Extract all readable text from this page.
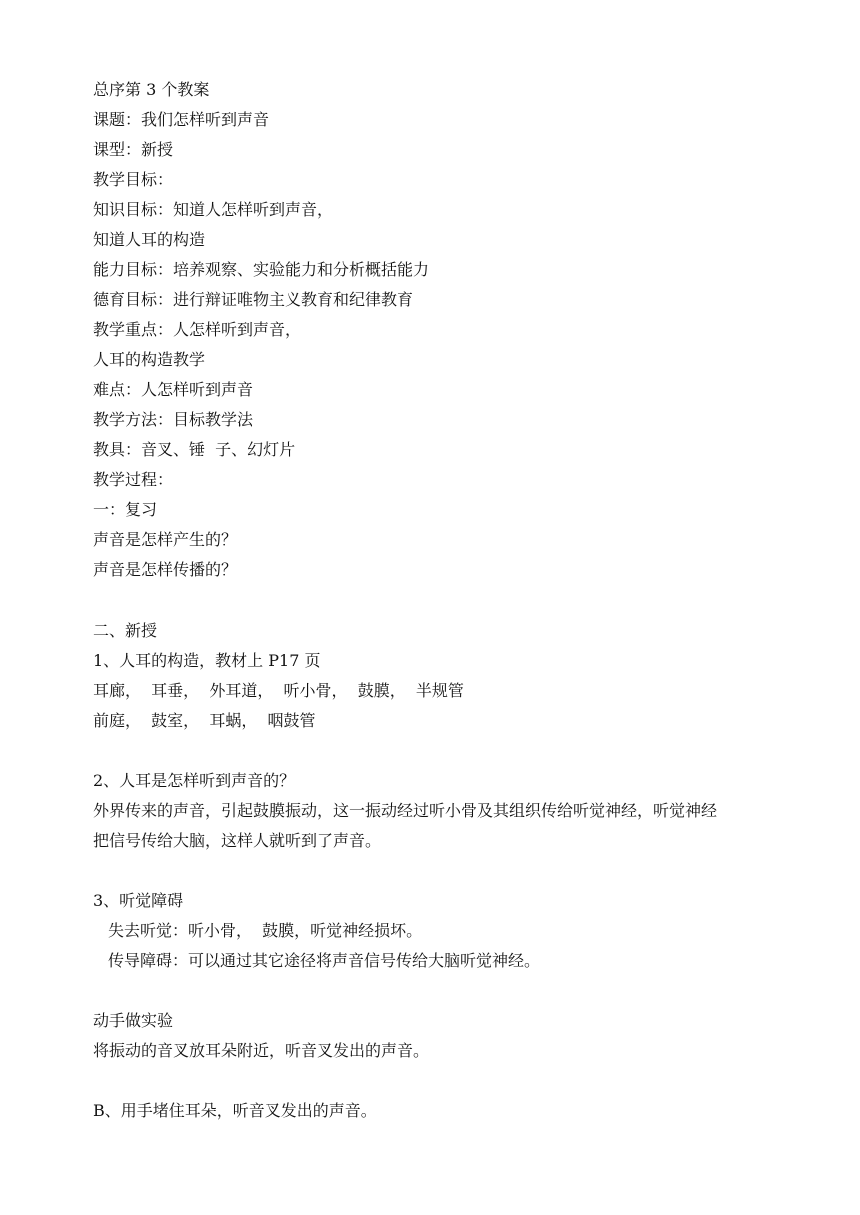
总序第 3 个教案
课题：我们怎样听到声音
课型：新授
教学目标：
知识目标：知道人怎样听到声音，
知道人耳的构造
能力目标：培养观察、实验能力和分析概括能力
德育目标：进行辩证唯物主义教育和纪律教育
教学重点：人怎样听到声音，
人耳的构造教学
难点：人怎样听到声音
教学方法：目标教学法
教具：音叉、锤  子、幻灯片
教学过程：
一：复习
声音是怎样产生的？
声音是怎样传播的？
二、新授
1、人耳的构造，教材上 P17 页
耳廊，  耳垂，  外耳道，  听小骨，  鼓膜，  半规管
前庭，  鼓室，  耳蜗，  咽鼓管
2、人耳是怎样听到声音的？
外界传来的声音，引起鼓膜振动，这一振动经过听小骨及其组织传给听觉神经，听觉神经
把信号传给大脑，这样人就听到了声音。
3、听觉障碍
失去听觉：听小骨，  鼓膜，听觉神经损坏。
传导障碍：可以通过其它途径将声音信号传给大脑听觉神经。
动手做实验
将振动的音叉放耳朵附近，听音叉发出的声音。
B、用手堵住耳朵，听音叉发出的声音。
